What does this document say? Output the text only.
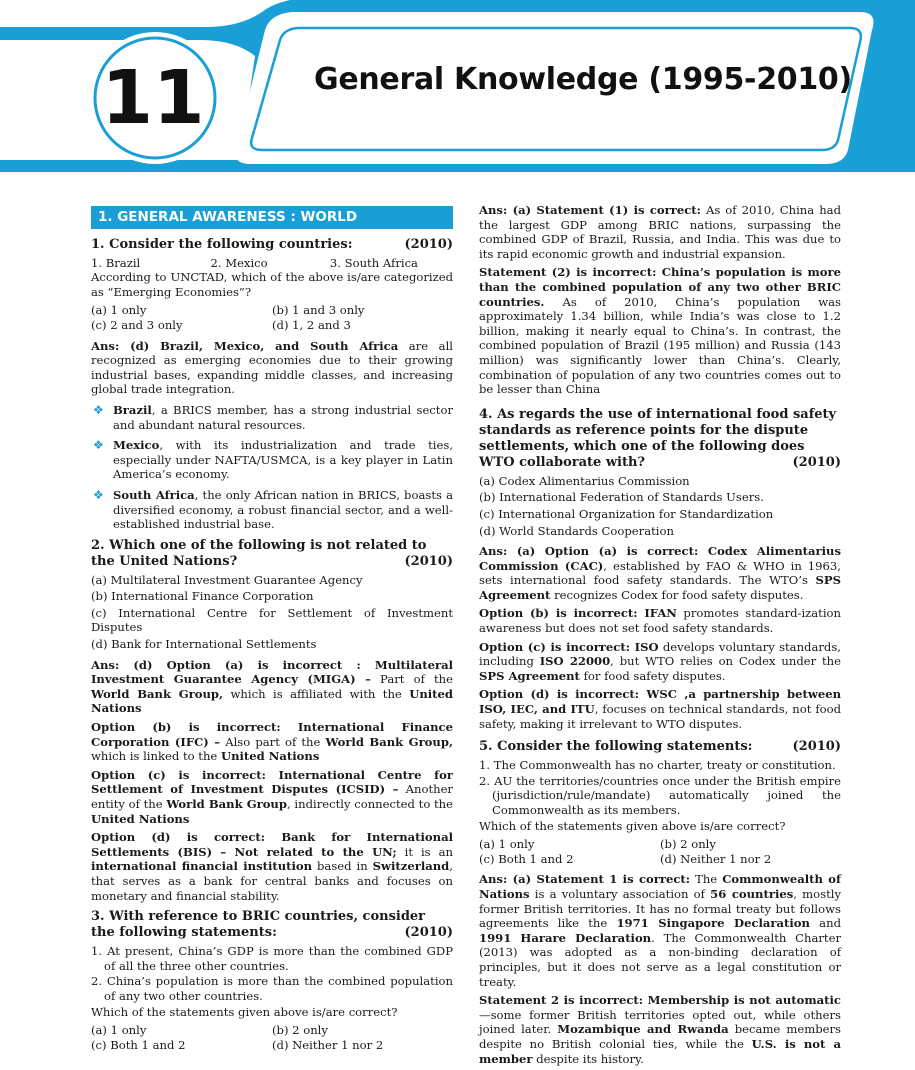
11	General Knowledge (1995-2010)
1. GENERAL AWARENESS : WORLD
(2010)
1. Consider the following countries:
1. Brazil	2. Mexico	3. South Africa

According to UNCTAD, which of the above is/are categorized as “Emerging Economies”?

(a) 1 only	(b) 1 and 3 only
(c) 2 and 3 only	(d) 1, 2 and 3

Ans: (d) Brazil, Mexico, and South Africa are all recognized as emerging economies due to their growing industrial bases, expanding middle classes, and increasing global trade integration.

❖ Brazil, a BRICS member, has a strong industrial sector and abundant natural resources.
❖ Mexico, with its industrialization and trade ties, especially under NAFTA/USMCA, is a key player in Latin America’s economy.
❖ South Africa, the only African nation in BRICS, boasts a diversified economy, a robust financial sector, and a well-established industrial base.
2. Which one of the following is not related to the United Nations?	(2010)

(a) Multilateral Investment Guarantee Agency

(b) International Finance Corporation

(c) International Centre for Settlement of Investment Disputes

(d) Bank for International Settlements

Ans: (d) Option (a) is incorrect : Multilateral Investment Guarantee Agency (MIGA) – Part of the World Bank Group, which is affiliated with the United Nations

Option (b) is incorrect: International Finance Corporation (IFC) – Also part of the World Bank Group, which is linked to the United Nations

Option (c) is incorrect: International Centre for Settlement of Investment Disputes (ICSID) – Another entity of the World Bank Group, indirectly connected to the United Nations

Option (d) is correct: Bank for International Settlements (BIS) – Not related to the UN; it is an international financial institution based in Switzerland, that serves as a bank for central banks and focuses on monetary and financial stability.

3. With reference to BRIC countries, consider the following statements:	(2010)

1. At present, China’s GDP is more than the combined GDP of all the three other countries.

2. China’s population is more than the combined population of any two other countries.

Which of the statements given above is/are correct?

(a) 1 only	(b) 2 only
(c) Both 1 and 2	(d) Neither 1 nor 2

Ans: (a) Statement (1) is correct: As of 2010, China had the largest GDP among BRIC nations, surpassing the combined GDP of Brazil, Russia, and India. This was due to its rapid economic growth and industrial expansion.

Statement (2) is incorrect: China’s population is more than the combined population of any two other BRIC countries. As of 2010, China’s population was approximately 1.34 billion, while India’s was close to 1.2 billion, making it nearly equal to China’s. In contrast, the combined population of Brazil (195 million) and Russia (143 million) was significantly lower than China’s. Clearly, combination of population of any two countries comes out to be lesser than China

4. As regards the use of international food safety standards as reference points for the dispute settlements, which one of the following does WTO collaborate with?	(2010)

(a) Codex Alimentarius Commission

(b) International Federation of Standards Users.

(c) International Organization for Standardization

(d) World Standards Cooperation

Ans: (a) Option (a) is correct: Codex Alimentarius Commission (CAC), established by FAO & WHO in 1963, sets international food safety standards. The WTO’s SPS Agreement recognizes Codex for food safety disputes.

Option (b) is incorrect: IFAN promotes standard-ization awareness but does not set food safety standards.

Option (c) is incorrect: ISO develops voluntary standards, including ISO 22000, but WTO relies on Codex under the SPS Agreement for food safety disputes.

Option (d) is incorrect: WSC ,a partnership between ISO, IEC, and ITU, focuses on technical standards, not food safety, making it irrelevant to WTO disputes.

(2010)
5. Consider the following statements:

1. The Commonwealth has no charter, treaty or constitution.

2. AU the territories/countries once under the British empire (jurisdiction/rule/mandate) automatically joined the Commonwealth as its members.

Which of the statements given above is/are correct?

(a) 1 only	(b) 2 only
(c) Both 1 and 2	(d) Neither 1 nor 2

Ans: (a) Statement 1 is correct: The Commonwealth of Nations is a voluntary association of 56 countries, mostly former British territories. It has no formal treaty but follows agreements like the 1971 Singapore Declaration and 1991 Harare Declaration. The Commonwealth Charter (2013) was adopted as a non-binding declaration of principles, but it does not serve as a legal constitution or treaty.

Statement 2 is incorrect: Membership is not automatic—some former British territories opted out, while others joined later. Mozambique and Rwanda became members despite no British colonial ties, while the U.S. is not a member despite its history.
